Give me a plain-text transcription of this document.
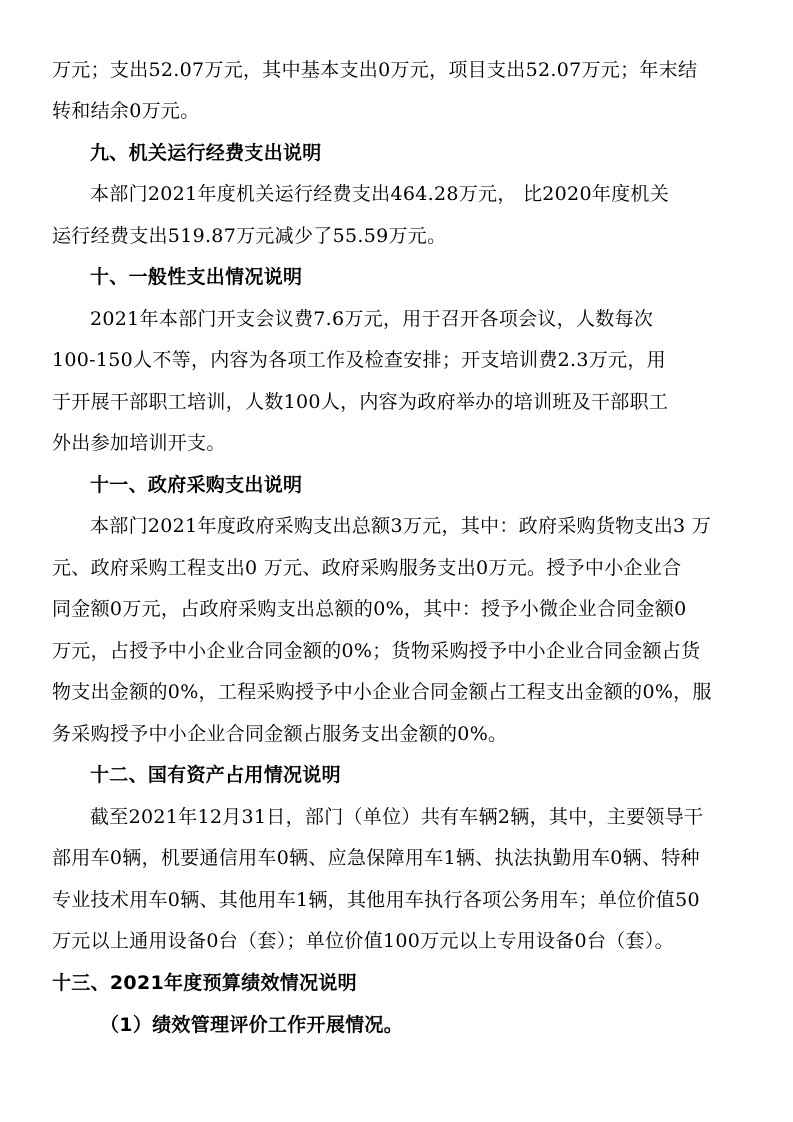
万元；支出52.07万元，其中基本支出0万元，项目支出52.07万元；年末结
转和结余0万元。
九、机关运行经费支出说明
本部门2021年度机关运行经费支出464.28万元， 比2020年度机关
运行经费支出519.87万元减少了55.59万元。
十、一般性支出情况说明
2021年本部门开支会议费7.6万元，用于召开各项会议，人数每次
100-150人不等，内容为各项工作及检查安排；开支培训费2.3万元，用
于开展干部职工培训，人数100人，内容为政府举办的培训班及干部职工
外出参加培训开支。
十一、政府采购支出说明
本部门2021年度政府采购支出总额3万元，其中：政府采购货物支出3 万
元、政府采购工程支出0 万元、政府采购服务支出0万元。授予中小企业合
同金额0万元，占政府采购支出总额的0%，其中：授予小微企业合同金额0
万元，占授予中小企业合同金额的0%；货物采购授予中小企业合同金额占货
物支出金额的0%，工程采购授予中小企业合同金额占工程支出金额的0%，服
务采购授予中小企业合同金额占服务支出金额的0%。
十二、国有资产占用情况说明
截至2021年12月31日，部门（单位）共有车辆2辆，其中，主要领导干
部用车0辆，机要通信用车0辆、应急保障用车1辆、执法执勤用车0辆、特种
专业技术用车0辆、其他用车1辆，其他用车执行各项公务用车；单位价值50
万元以上通用设备0台（套）；单位价值100万元以上专用设备0台（套）。
十三、2021年度预算绩效情况说明
（1）绩效管理评价工作开展情况。
